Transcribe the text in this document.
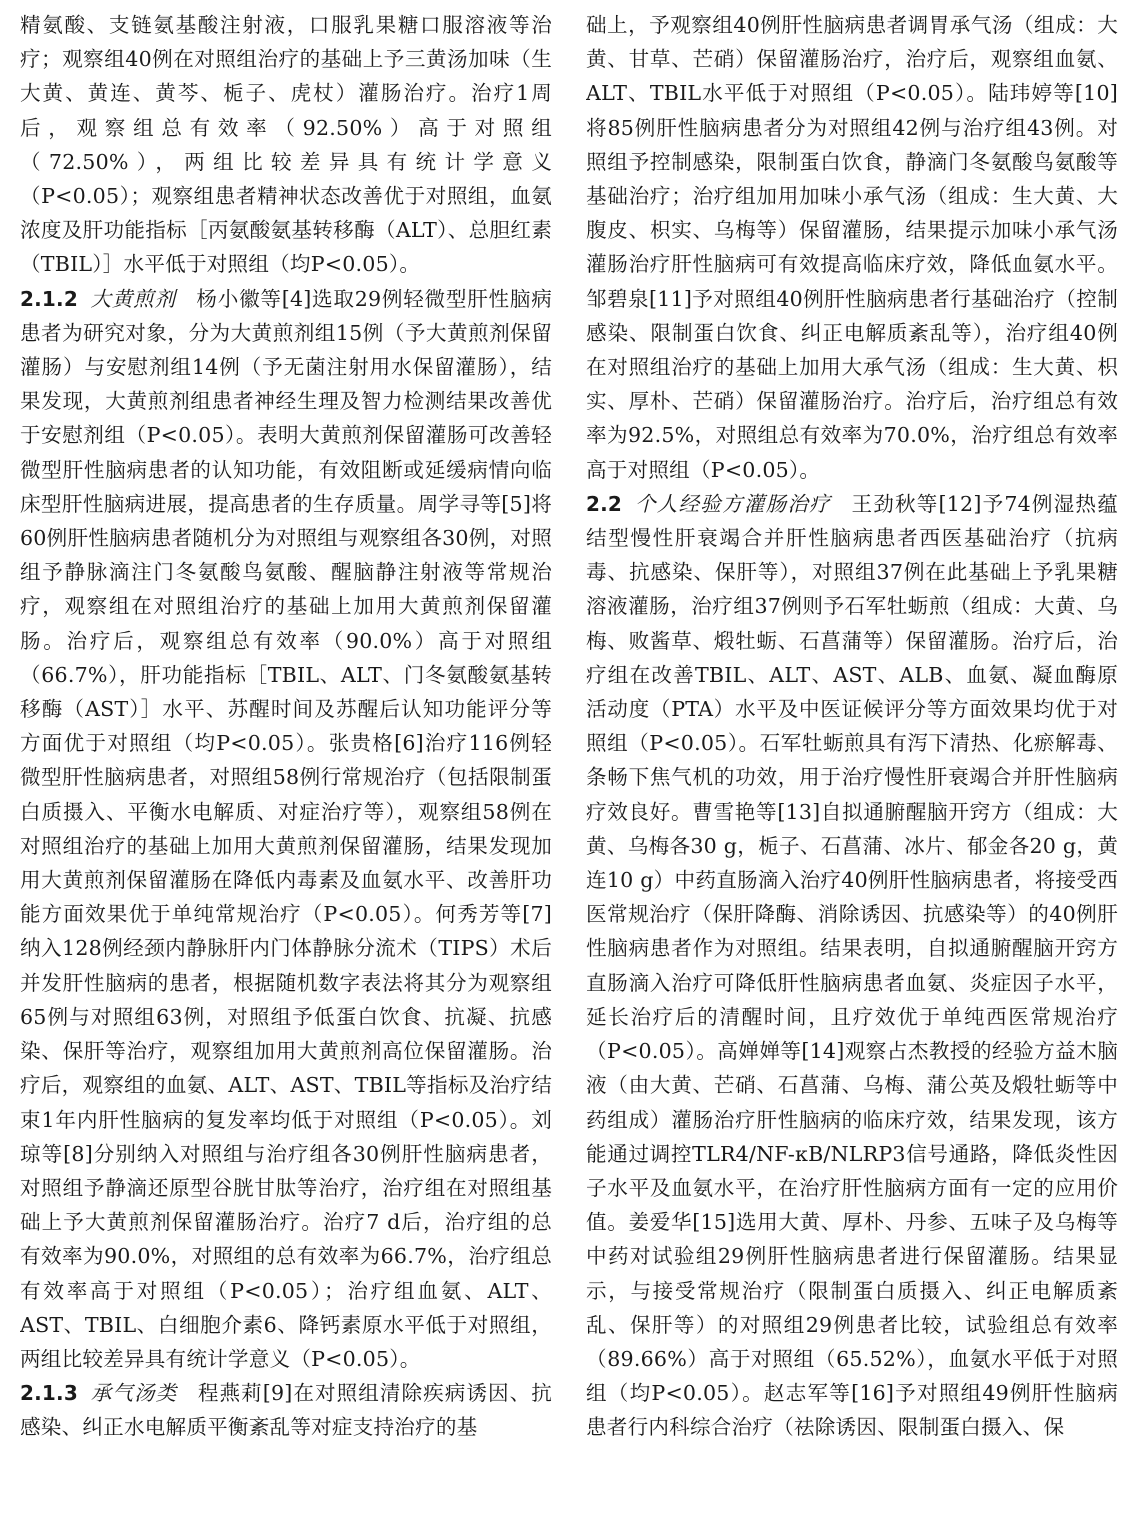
精氨酸、支链氨基酸注射液，口服乳果糖口服溶液等治疗；观察组40例在对照组治疗的基础上予三黄汤加味（生大黄、黄连、黄芩、栀子、虎杖）灌肠治疗。治疗1周后，观察组总有效率（92.50%）高于对照组（72.50%），两组比较差异具有统计学意义（P<0.05）；观察组患者精神状态改善优于对照组，血氨浓度及肝功能指标［丙氨酸氨基转移酶（ALT）、总胆红素（TBIL）］水平低于对照组（均P<0.05）。

2.1.2 大黄煎剂 杨小徽等[4]选取29例轻微型肝性脑病患者为研究对象，分为大黄煎剂组15例（予大黄煎剂保留灌肠）与安慰剂组14例（予无菌注射用水保留灌肠），结果发现，大黄煎剂组患者神经生理及智力检测结果改善优于安慰剂组（P<0.05）。表明大黄煎剂保留灌肠可改善轻微型肝性脑病患者的认知功能，有效阻断或延缓病情向临床型肝性脑病进展，提高患者的生存质量。周学寻等[5]将60例肝性脑病患者随机分为对照组与观察组各30例，对照组予静脉滴注门冬氨酸鸟氨酸、醒脑静注射液等常规治疗，观察组在对照组治疗的基础上加用大黄煎剂保留灌肠。治疗后，观察组总有效率（90.0%）高于对照组（66.7%），肝功能指标［TBIL、ALT、门冬氨酸氨基转移酶（AST）］水平、苏醒时间及苏醒后认知功能评分等方面优于对照组（均P<0.05）。张贵格[6]治疗116例轻微型肝性脑病患者，对照组58例行常规治疗（包括限制蛋白质摄入、平衡水电解质、对症治疗等），观察组58例在对照组治疗的基础上加用大黄煎剂保留灌肠，结果发现加用大黄煎剂保留灌肠在降低内毒素及血氨水平、改善肝功能方面效果优于单纯常规治疗（P<0.05）。何秀芳等[7]纳入128例经颈内静脉肝内门体静脉分流术（TIPS）术后并发肝性脑病的患者，根据随机数字表法将其分为观察组65例与对照组63例，对照组予低蛋白饮食、抗凝、抗感染、保肝等治疗，观察组加用大黄煎剂高位保留灌肠。治疗后，观察组的血氨、ALT、AST、TBIL等指标及治疗结束1年内肝性脑病的复发率均低于对照组（P<0.05）。刘琼等[8]分别纳入对照组与治疗组各30例肝性脑病患者，对照组予静滴还原型谷胱甘肽等治疗，治疗组在对照组基础上予大黄煎剂保留灌肠治疗。治疗7 d后，治疗组的总有效率为90.0%，对照组的总有效率为66.7%，治疗组总有效率高于对照组（P<0.05）；治疗组血氨、ALT、AST、TBIL、白细胞介素6、降钙素原水平低于对照组，两组比较差异具有统计学意义（P<0.05）。

2.1.3 承气汤类 程燕莉[9]在对照组清除疾病诱因、抗感染、纠正水电解质平衡紊乱等对症支持治疗的基

础上，予观察组40例肝性脑病患者调胃承气汤（组成：大黄、甘草、芒硝）保留灌肠治疗，治疗后，观察组血氨、ALT、TBIL水平低于对照组（P<0.05）。陆玮婷等[10]将85例肝性脑病患者分为对照组42例与治疗组43例。对照组予控制感染，限制蛋白饮食，静滴门冬氨酸鸟氨酸等基础治疗；治疗组加用加味小承气汤（组成：生大黄、大腹皮、枳实、乌梅等）保留灌肠，结果提示加味小承气汤灌肠治疗肝性脑病可有效提高临床疗效，降低血氨水平。邹碧泉[11]予对照组40例肝性脑病患者行基础治疗（控制感染、限制蛋白饮食、纠正电解质紊乱等），治疗组40例在对照组治疗的基础上加用大承气汤（组成：生大黄、枳实、厚朴、芒硝）保留灌肠治疗。治疗后，治疗组总有效率为92.5%，对照组总有效率为70.0%，治疗组总有效率高于对照组（P<0.05）。

2.2 个人经验方灌肠治疗 王劲秋等[12]予74例湿热蕴结型慢性肝衰竭合并肝性脑病患者西医基础治疗（抗病毒、抗感染、保肝等），对照组37例在此基础上予乳果糖溶液灌肠，治疗组37例则予石军牡蛎煎（组成：大黄、乌梅、败酱草、煅牡蛎、石菖蒲等）保留灌肠。治疗后，治疗组在改善TBIL、ALT、AST、ALB、血氨、凝血酶原活动度（PTA）水平及中医证候评分等方面效果均优于对照组（P<0.05）。石军牡蛎煎具有泻下清热、化瘀解毒、条畅下焦气机的功效，用于治疗慢性肝衰竭合并肝性脑病疗效良好。曹雪艳等[13]自拟通腑醒脑开窍方（组成：大黄、乌梅各30 g，栀子、石菖蒲、冰片、郁金各20 g，黄连10 g）中药直肠滴入治疗40例肝性脑病患者，将接受西医常规治疗（保肝降酶、消除诱因、抗感染等）的40例肝性脑病患者作为对照组。结果表明，自拟通腑醒脑开窍方直肠滴入治疗可降低肝性脑病患者血氨、炎症因子水平，延长治疗后的清醒时间，且疗效优于单纯西医常规治疗（P<0.05）。高婵婵等[14]观察占杰教授的经验方益木脑液（由大黄、芒硝、石菖蒲、乌梅、蒲公英及煅牡蛎等中药组成）灌肠治疗肝性脑病的临床疗效，结果发现，该方能通过调控TLR4/NF-κB/NLRP3信号通路，降低炎性因子水平及血氨水平，在治疗肝性脑病方面有一定的应用价值。姜爱华[15]选用大黄、厚朴、丹参、五味子及乌梅等中药对试验组29例肝性脑病患者进行保留灌肠。结果显示，与接受常规治疗（限制蛋白质摄入、纠正电解质紊乱、保肝等）的对照组29例患者比较，试验组总有效率（89.66%）高于对照组（65.52%），血氨水平低于对照组（均P<0.05）。赵志军等[16]予对照组49例肝性脑病患者行内科综合治疗（祛除诱因、限制蛋白摄入、保
